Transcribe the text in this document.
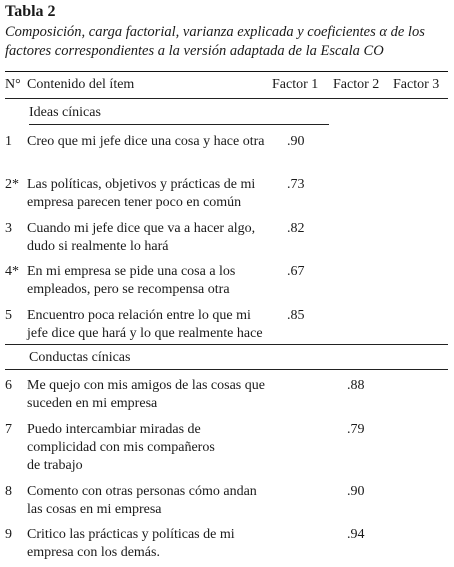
Tabla 2
Composición, carga factorial, varianza explicada y coeficientes α de los factores correspondientes a la versión adaptada de la Escala CO
N° Contenido del ítem	Factor 1 Factor 2 Factor 3
Ideas cínicas
1 Creo que mi jefe dice una cosa y hace otra	.90
2* Las políticas, objetivos y prácticas de mi empresa parecen tener poco en común
.73
3 Cuando mi jefe dice que va a hacer algo, dudo si realmente lo hará
.82
4* En mi empresa se pide una cosa a los empleados, pero se recompensa otra
.67
5 Encuentro poca relación entre lo que mi jefe dice que hará y lo que realmente hace
.85
Conductas cínicas
6 Me quejo con mis amigos de las cosas que suceden en mi empresa
.88
7 Puedo intercambiar miradas de complicidad con mis compañeros de trabajo
.79
8 Comento con otras personas cómo andan las cosas en mi empresa
.90
9 Critico las prácticas y políticas de mi empresa con los demás.
.94
